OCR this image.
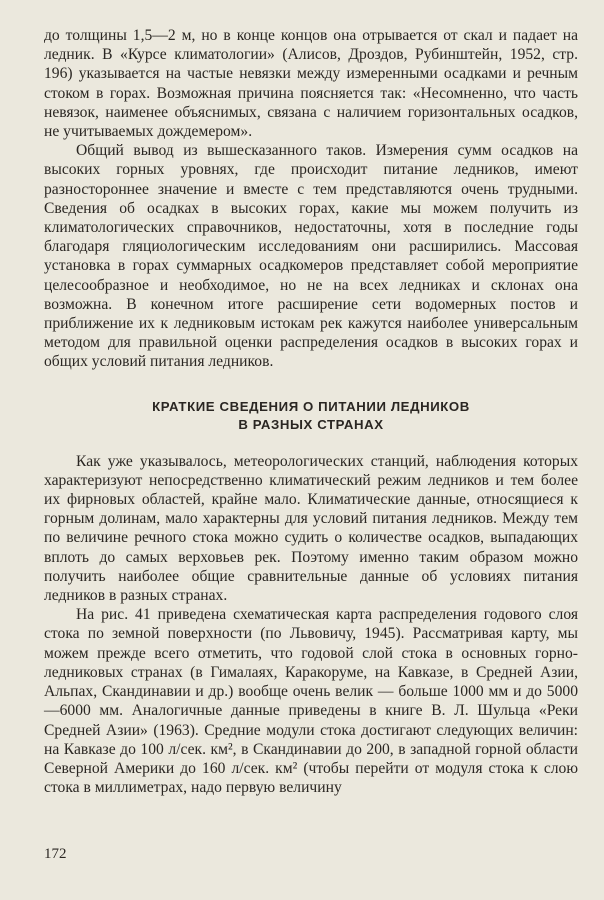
до толщины 1,5—2 м, но в конце концов она отрывается от скал и падает на ледник. В «Курсе климатологии» (Алисов, Дроздов, Рубинштейн, 1952, стр. 196) указывается на частые невязки между измеренными осадками и речным стоком в горах. Возможная причина поясняется так: «Несомненно, что часть невязок, наименее объяснимых, связана с наличием горизонтальных осадков, не учитываемых дождемером».

Общий вывод из вышесказанного таков. Измерения сумм осадков на высоких горных уровнях, где происходит питание ледников, имеют разностороннее значение и вместе с тем представляются очень трудными. Сведения об осадках в высоких горах, какие мы можем получить из климатологических справочников, недостаточны, хотя в последние годы благодаря гляциологическим исследованиям они расширились. Массовая установка в горах суммарных осадкомеров представляет собой мероприятие целесообразное и необходимое, но не на всех ледниках и склонах она возможна. В конечном итоге расширение сети водомерных постов и приближение их к ледниковым истокам рек кажутся наиболее универсальным методом для правильной оценки распределения осадков в высоких горах и общих условий питания ледников.

КРАТКИЕ СВЕДЕНИЯ О ПИТАНИИ ЛЕДНИКОВ
В РАЗНЫХ СТРАНАХ

Как уже указывалось, метеорологических станций, наблюдения которых характеризуют непосредственно климатический режим ледников и тем более их фирновых областей, крайне мало. Климатические данные, относящиеся к горным долинам, мало характерны для условий питания ледников. Между тем по величине речного стока можно судить о количестве осадков, выпадающих вплоть до самых верховьев рек. Поэтому именно таким образом можно получить наиболее общие сравнительные данные об условиях питания ледников в разных странах.

На рис. 41 приведена схематическая карта распределения годового слоя стока по земной поверхности (по Львовичу, 1945). Рассматривая карту, мы можем прежде всего отметить, что годовой слой стока в основных горно-ледниковых странах (в Гималаях, Каракоруме, на Кавказе, в Средней Азии, Альпах, Скандинавии и др.) вообще очень велик — больше 1000 мм и до 5000—6000 мм. Аналогичные данные приведены в книге В. Л. Шульца «Реки Средней Азии» (1963). Средние модули стока достигают следующих величин: на Кавказе до 100 л/сек. км², в Скандинавии до 200, в западной горной области Северной Америки до 160 л/сек. км² (чтобы перейти от модуля стока к слою стока в миллиметрах, надо первую величину

172
